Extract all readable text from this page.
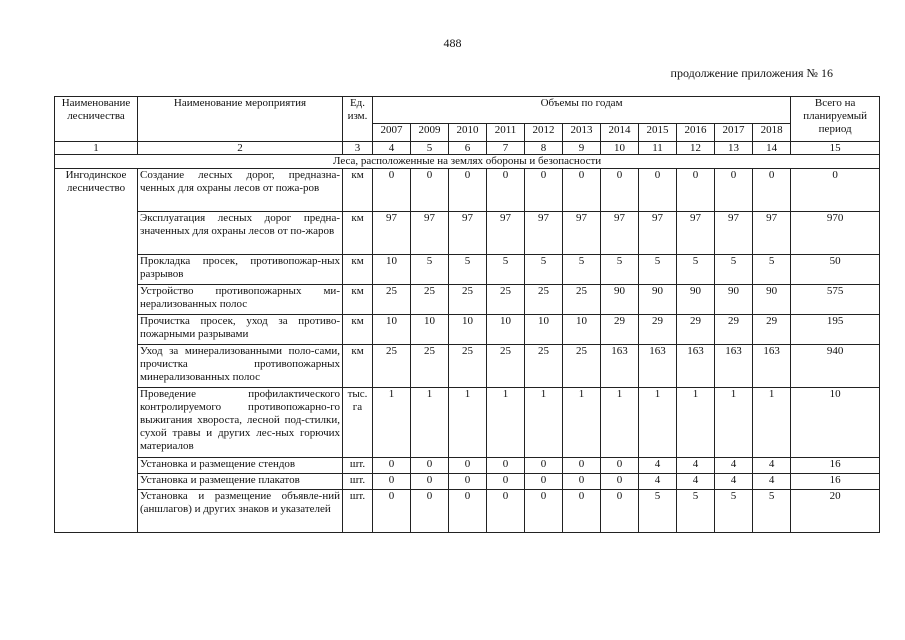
488
продолжение приложения № 16
Наименование лесничества	Наименование мероприятия	Ед. изм.	Объемы по годам											Всего на планируемый период
			2007	2009	2010	2011	2012	2013	2014	2015	2016	2017	2018	
1	2	3	4	5	6	7	8	9	10	11	12	13	14	15
Леса, расположенные на землях обороны и безопасности														
Ингодинское лесничество	Создание лесных дорог, предназна-ченных для охраны лесов от пожа-ров	км	0	0	0	0	0	0	0	0	0	0	0	0
	Эксплуатация лесных дорог предна-значенных для охраны лесов от по-жаров	км	97	97	97	97	97	97	97	97	97	97	97	970
	Прокладка просек, противопожар-ных разрывов	км	10	5	5	5	5	5	5	5	5	5	5	50
	Устройство противопожарных ми-нерализованных полос	км	25	25	25	25	25	25	90	90	90	90	90	575
	Прочистка просек, уход за противо-пожарными разрывами	км	10	10	10	10	10	10	29	29	29	29	29	195
	Уход за минерализованными поло-сами, прочистка противопожарных минерализованных полос	км	25	25	25	25	25	25	163	163	163	163	163	940
	Проведение профилактического контролируемого противопожарно-го выжигания хвороста, лесной под-стилки, сухой травы и других лес-ных горючих материалов	тыс. га	1	1	1	1	1	1	1	1	1	1	1	10
	Установка и размещение стендов	шт.	0	0	0	0	0	0	0	4	4	4	4	16
	Установка и размещение плакатов	шт.	0	0	0	0	0	0	0	4	4	4	4	16
	Установка и размещение объявле-ний (аншлагов) и других знаков и указателей	шт.	0	0	0	0	0	0	0	5	5	5	5	20
